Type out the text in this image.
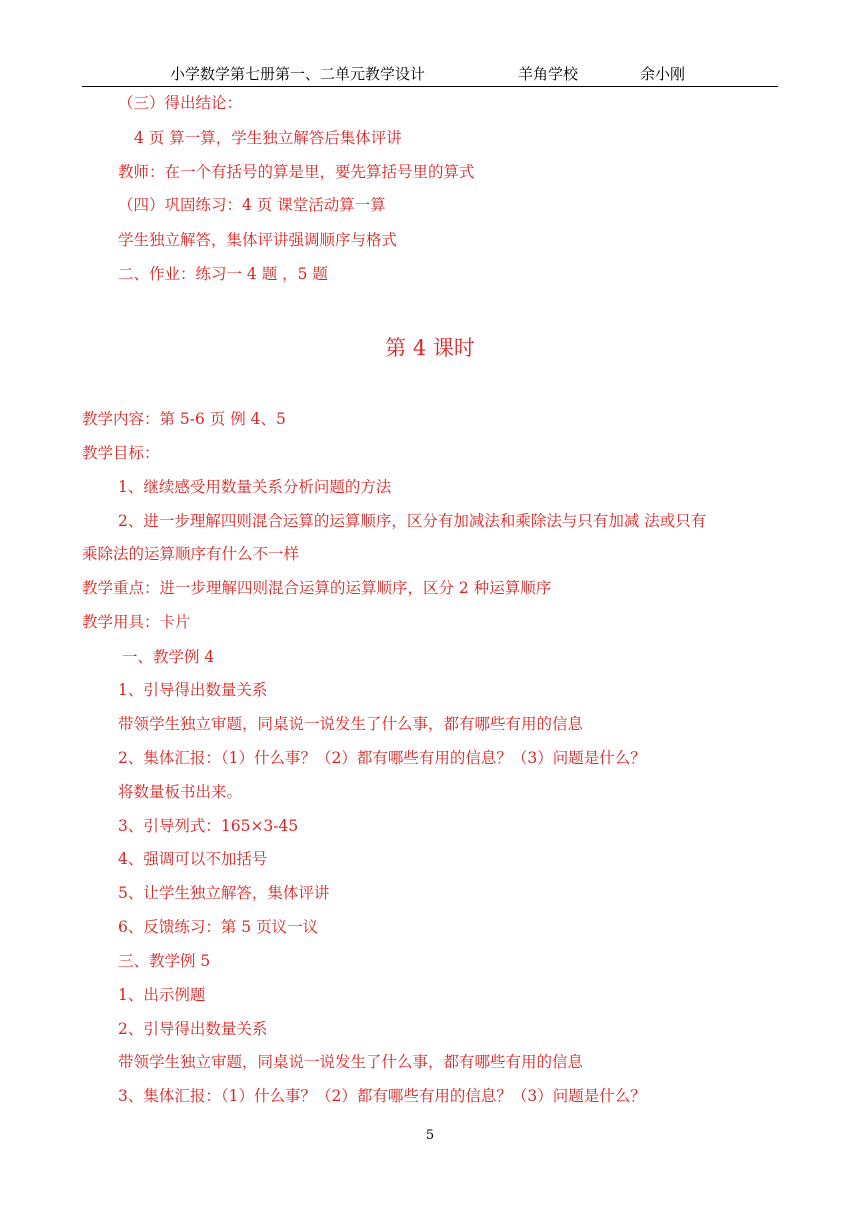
小学数学第七册第一、二单元教学设计	羊角学校	余小刚
（三）得出结论：
4 页 算一算，学生独立解答后集体评讲
教师：在一个有括号的算是里，要先算括号里的算式
（四）巩固练习：4 页 课堂活动算一算
学生独立解答，集体评讲强调顺序与格式
二、作业：练习一 4 题 ，5 题
第 4 课时
教学内容：第 5-6 页 例 4、5
教学目标：
1、继续感受用数量关系分析问题的方法
2、进一步理解四则混合运算的运算顺序，区分有加减法和乘除法与只有加减 法或只有
乘除法的运算顺序有什么不一样
教学重点：进一步理解四则混合运算的运算顺序，区分 2 种运算顺序
教学用具：卡片
一、教学例 4
1、引导得出数量关系
带领学生独立审题，同桌说一说发生了什么事，都有哪些有用的信息
2、集体汇报：（1）什么事？（2）都有哪些有用的信息？（3）问题是什么？
将数量板书出来。
3、引导列式：165×3-45
4、强调可以不加括号
5、让学生独立解答，集体评讲
6、反馈练习：第 5 页议一议
三、教学例 5
1、出示例题
2、引导得出数量关系
带领学生独立审题，同桌说一说发生了什么事，都有哪些有用的信息
3、集体汇报：（1）什么事？（2）都有哪些有用的信息？（3）问题是什么？
5
